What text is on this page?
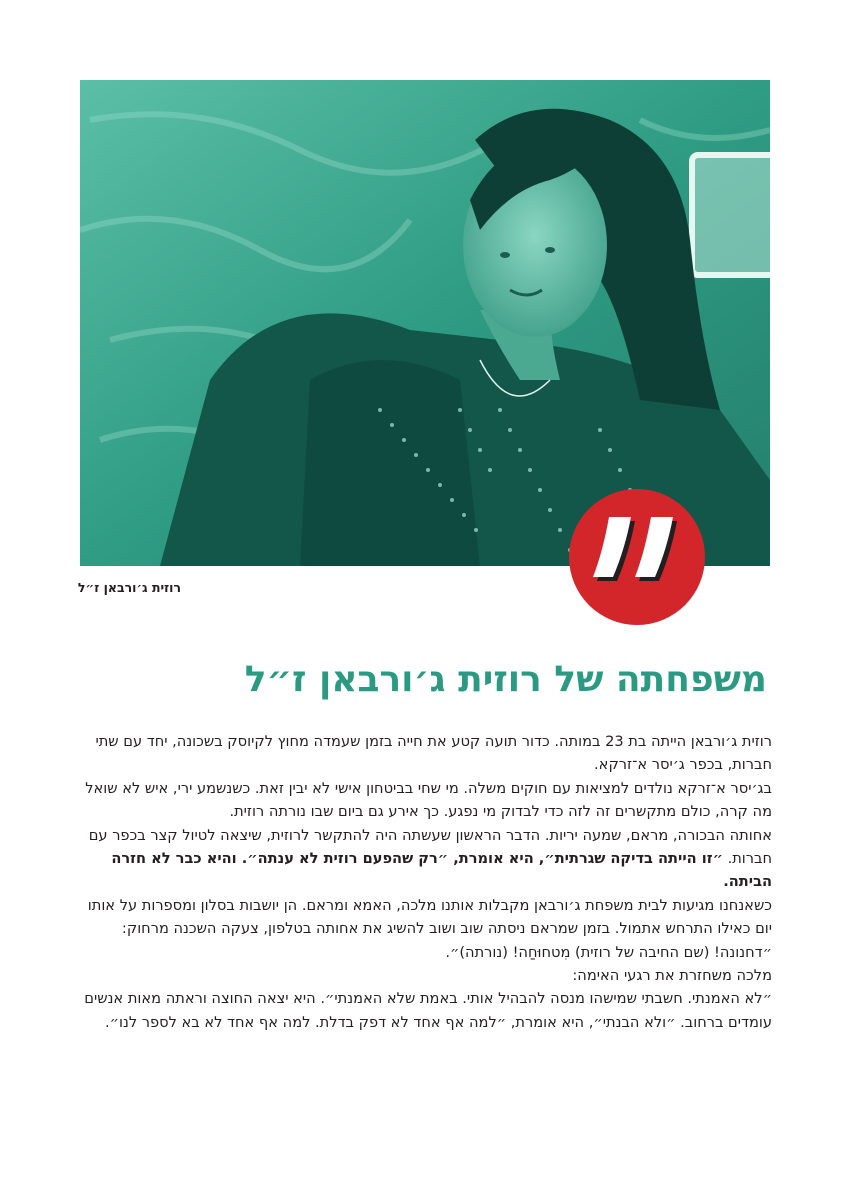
רוזית ג׳ורבאן ז״ל
משפחתה של רוזית ג׳ורבאן ז״ל

רוזית ג׳ורבאן הייתה בת 23 במותה. כדור תועה קטע את חייה בזמן שעמדה מחוץ לקיוסק בשכונה, יחד עם שתי חברות, בכפר ג׳יסר א־זרקא.

בג׳יסר א־זרקא נולדים למציאות עם חוקים משלה. מי שחי בביטחון אישי לא יבין זאת. כשנשמע ירי, איש לא שואל מה קרה, כולם מתקשרים זה לזה כדי לבדוק מי נפגע. כך אירע גם ביום שבו נורתה רוזית.

אחותה הבכורה, מראם, שמעה יריות. הדבר הראשון שעשתה היה להתקשר לרוזית, שיצאה לטיול קצר בכפר עם חברות. ״זו הייתה בדיקה שגרתית״, היא אומרת, ״רק שהפעם רוזית לא ענתה״. והיא כבר לא חזרה הביתה.

כשאנחנו מגיעות לבית משפחת ג׳ורבאן מקבלות אותנו מלכה, האמא ומראם. הן יושבות בסלון ומספרות על אותו יום כאילו התרחש אתמול. בזמן שמראם ניסתה שוב ושוב להשיג את אחותה בטלפון, צעקה השכנה מרחוק:

״דחנונה! (שם החיבה של רוזית) מִטחוּחַה! (נורתה)״.

מלכה משחזרת את רגעי האימה:

״לא האמנתי. חשבתי שמישהו מנסה להבהיל אותי. באמת שלא האמנתי״. היא יצאה החוצה וראתה מאות אנשים עומדים ברחוב. ״ולא הבנתי״, היא אומרת, ״למה אף אחד לא דפק בדלת. למה אף אחד לא בא לספר לנו״.
